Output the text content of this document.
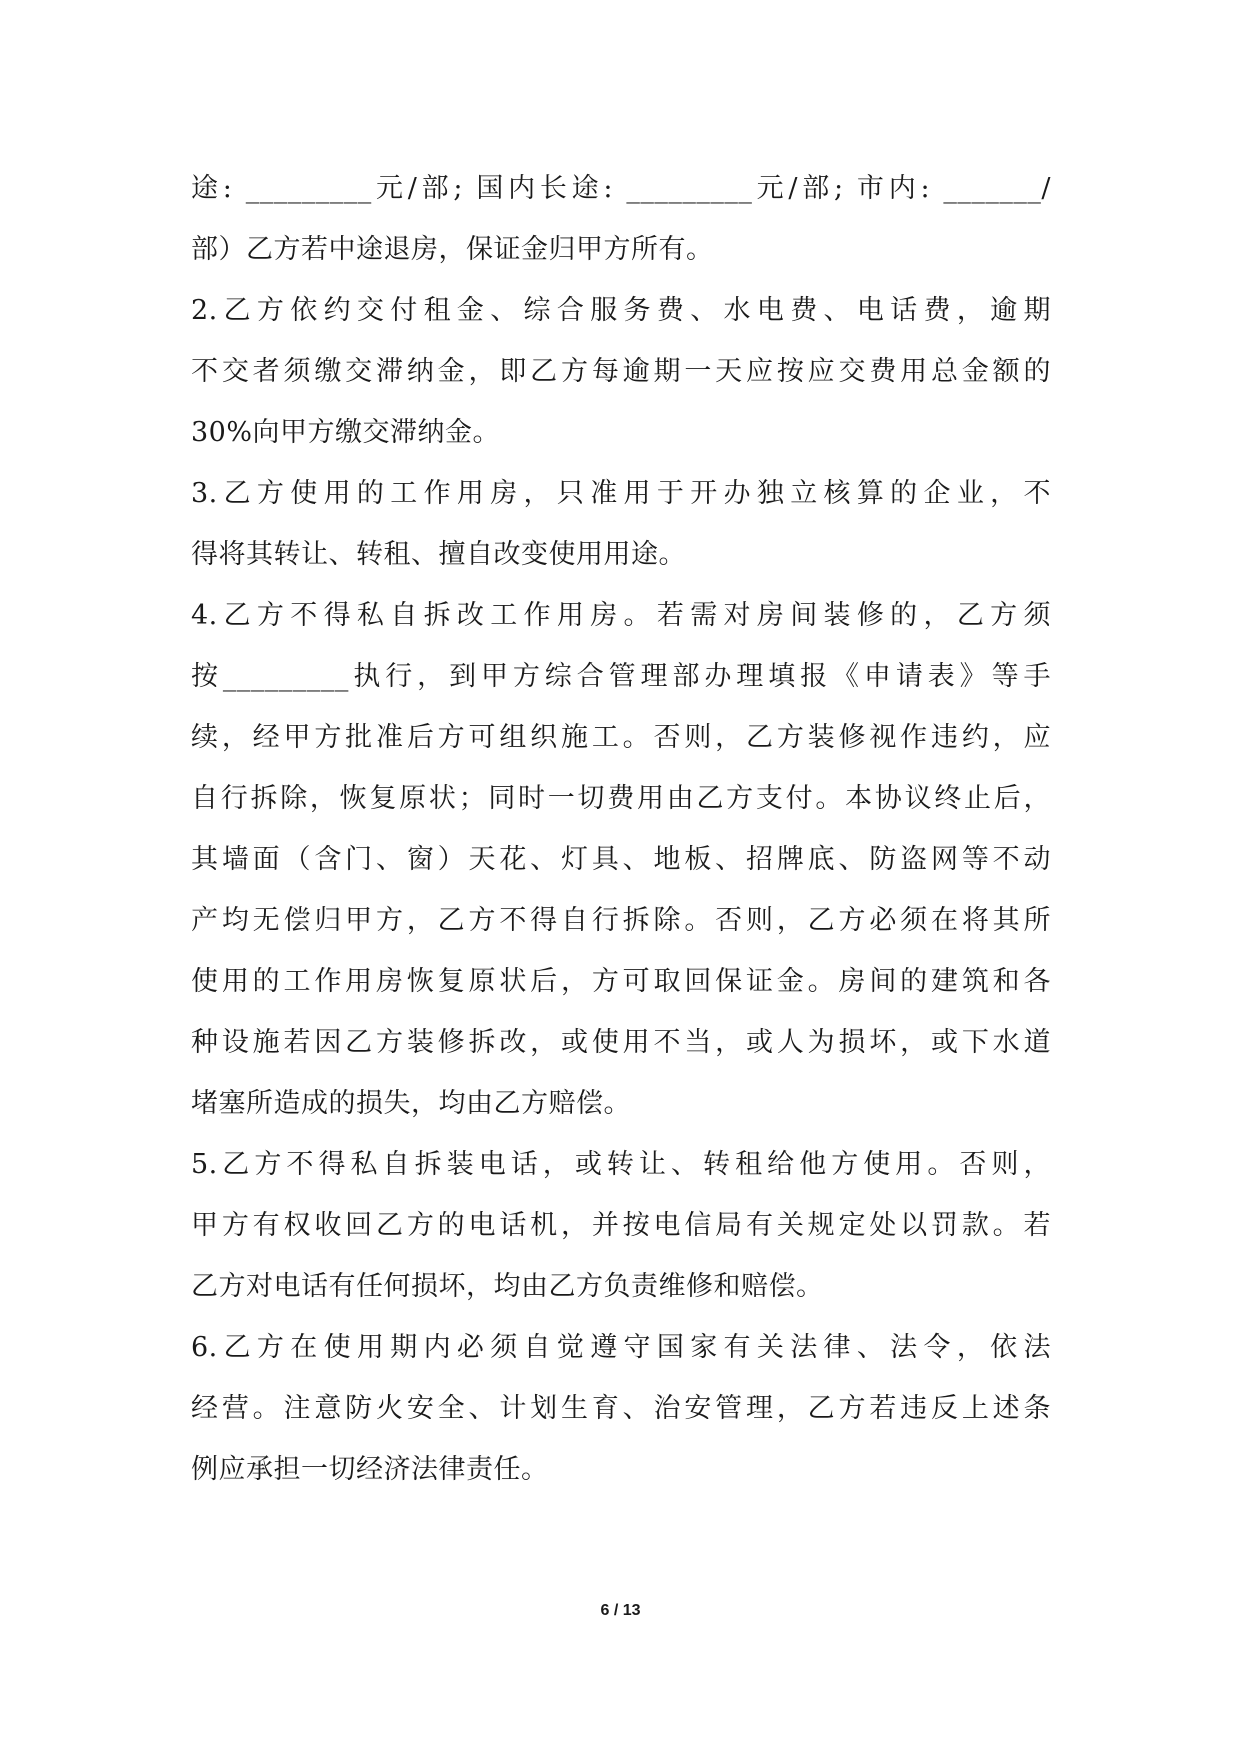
途: _________元/部; 国内长途: _________元/部; 市内: _______/
部）乙方若中途退房，保证金归甲方所有。
2.乙方依约交付租金、综合服务费、水电费、电话费，逾期
不交者须缴交滞纳金，即乙方每逾期一天应按应交费用总金额的
30%向甲方缴交滞纳金。
3.乙方使用的工作用房，只准用于开办独立核算的企业，不
得将其转让、转租、擅自改变使用用途。
4.乙方不得私自拆改工作用房。若需对房间装修的，乙方须
按_________执行，到甲方综合管理部办理填报《申请表》等手
续，经甲方批准后方可组织施工。否则，乙方装修视作违约，应
自行拆除，恢复原状；同时一切费用由乙方支付。本协议终止后，
其墙面（含门、窗）天花、灯具、地板、招牌底、防盗网等不动
产均无偿归甲方，乙方不得自行拆除。否则，乙方必须在将其所
使用的工作用房恢复原状后，方可取回保证金。房间的建筑和各
种设施若因乙方装修拆改，或使用不当，或人为损坏，或下水道
堵塞所造成的损失，均由乙方赔偿。
5.乙方不得私自拆装电话，或转让、转租给他方使用。否则，
甲方有权收回乙方的电话机，并按电信局有关规定处以罚款。若
乙方对电话有任何损坏，均由乙方负责维修和赔偿。
6.乙方在使用期内必须自觉遵守国家有关法律、法令，依法
经营。注意防火安全、计划生育、治安管理，乙方若违反上述条
例应承担一切经济法律责任。
6 / 13
